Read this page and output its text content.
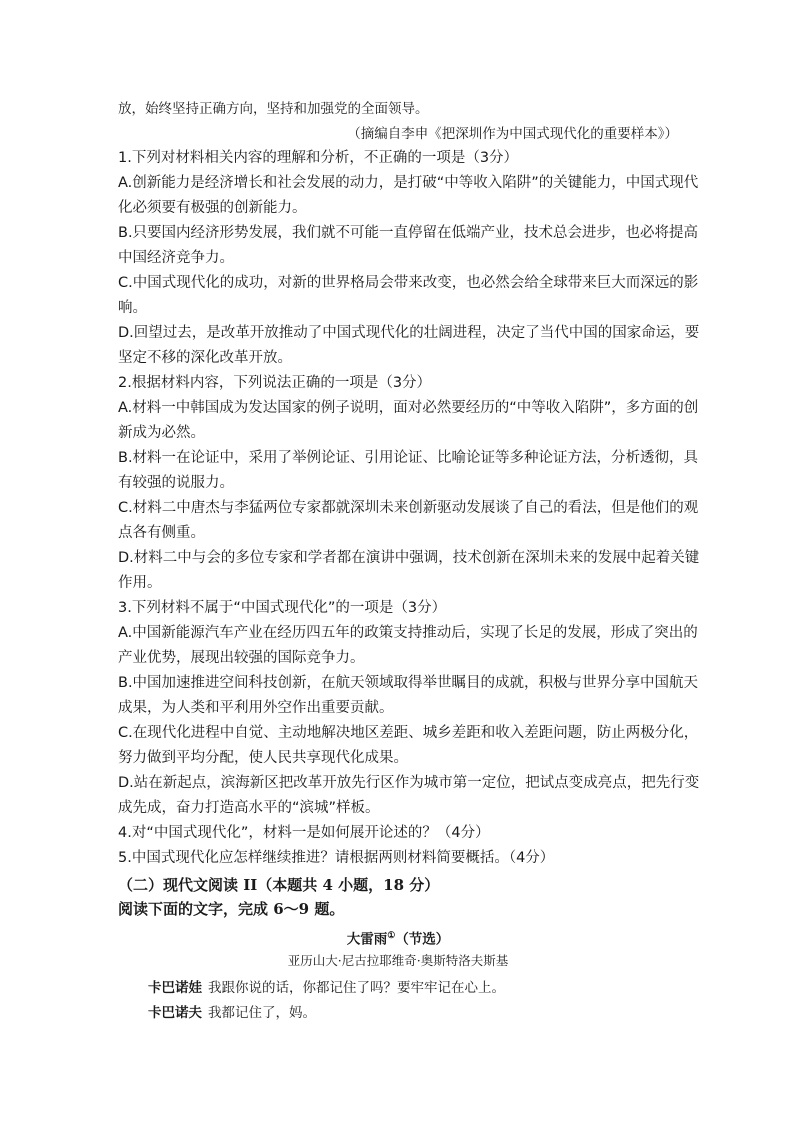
放，始终坚持正确方向，坚持和加强党的全面领导。
（摘编自李申《把深圳作为中国式现代化的重要样本》）
1.下列对材料相关内容的理解和分析，不正确的一项是（3分）
A.创新能力是经济增长和社会发展的动力，是打破“中等收入陷阱”的关键能力，中国式现代
化必须要有极强的创新能力。
B.只要国内经济形势发展，我们就不可能一直停留在低端产业，技术总会进步，也必将提高
中国经济竞争力。
C.中国式现代化的成功，对新的世界格局会带来改变，也必然会给全球带来巨大而深远的影
响。
D.回望过去，是改革开放推动了中国式现代化的壮阔进程，决定了当代中国的国家命运，要
坚定不移的深化改革开放。
2.根据材料内容，下列说法正确的一项是（3分）
A.材料一中韩国成为发达国家的例子说明，面对必然要经历的“中等收入陷阱”，多方面的创
新成为必然。
B.材料一在论证中，采用了举例论证、引用论证、比喻论证等多种论证方法，分析透彻，具
有较强的说服力。
C.材料二中唐杰与李猛两位专家都就深圳未来创新驱动发展谈了自己的看法，但是他们的观
点各有侧重。
D.材料二中与会的多位专家和学者都在演讲中强调，技术创新在深圳未来的发展中起着关键
作用。
3.下列材料不属于“中国式现代化”的一项是（3分）
A.中国新能源汽车产业在经历四五年的政策支持推动后，实现了长足的发展，形成了突出的
产业优势，展现出较强的国际竞争力。
B.中国加速推进空间科技创新，在航天领域取得举世瞩目的成就，积极与世界分享中国航天
成果，为人类和平利用外空作出重要贡献。
C.在现代化进程中自觉、主动地解决地区差距、城乡差距和收入差距问题，防止两极分化，
努力做到平均分配，使人民共享现代化成果。
D.站在新起点，滨海新区把改革开放先行区作为城市第一定位，把试点变成亮点，把先行变
成先成，奋力打造高水平的“滨城”样板。
4.对“中国式现代化”，材料一是如何展开论述的？（4分）
5.中国式现代化应怎样继续推进？请根据两则材料简要概括。（4分）
（二）现代文阅读 II（本题共 4 小题，18 分）
阅读下面的文字，完成 6～9 题。
大雷雨①（节选）
亚历山大·尼古拉耶维奇·奥斯特洛夫斯基
卡巴诺娃 我跟你说的话，你都记住了吗？要牢牢记在心上。
卡巴诺夫 我都记住了，妈。
